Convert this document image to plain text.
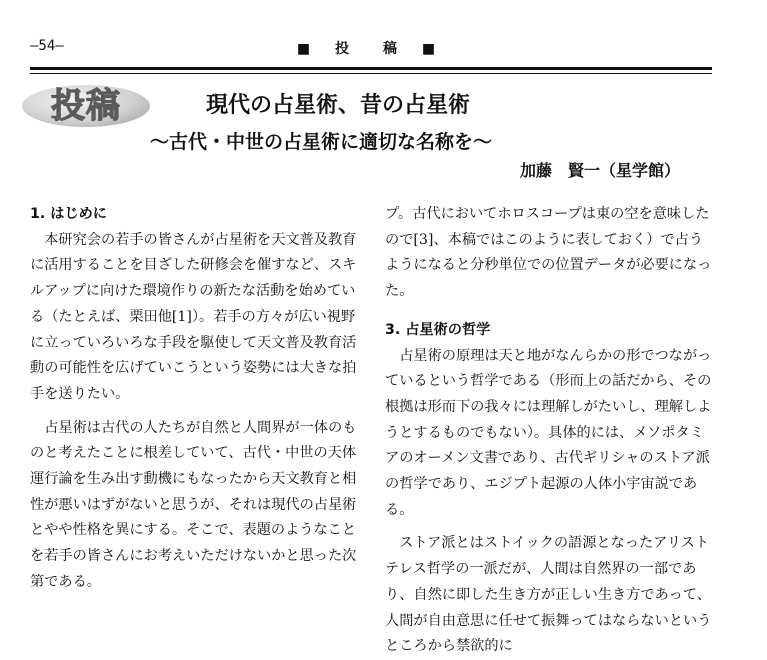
—54—	■ 投　稿 ■
投稿	現代の占星術、昔の占星術
～古代・中世の占星術に適切な名称を～
加藤　賢一（星学館）
1. はじめに

本研究会の若手の皆さんが占星術を天文普及教育に活用することを目ざした研修会を催すなど、スキルアップに向けた環境作りの新たな活動を始めている（たとえば、栗田他[1]）。若手の方々が広い視野に立っていろいろな手段を駆使して天文普及教育活動の可能性を広げていこうという姿勢には大きな拍手を送りたい。

占星術は古代の人たちが自然と人間界が一体のものと考えたことに根差していて、古代・中世の天体運行論を生み出す動機にもなったから天文教育と相性が悪いはずがないと思うが、それは現代の占星術とやや性格を異にする。そこで、表題のようなことを若手の皆さんにお考えいただけないかと思った次第である。

プ。古代においてホロスコープは東の空を意味したので[3]、本稿ではこのように表しておく）で占うようになると分秒単位での位置データが必要になった。

3. 占星術の哲学

占星術の原理は天と地がなんらかの形でつながっているという哲学である（形而上の話だから、その根拠は形而下の我々には理解しがたいし、理解しようとするものでもない）。具体的には、メソポタミアのオーメン文書であり、古代ギリシャのストア派の哲学であり、エジプト起源の人体小宇宙説である。

ストア派とはストイックの語源となったアリストテレス哲学の一派だが、人間は自然界の一部であり、自然に即した生き方が正しい生き方であって、人間が自由意思に任せて振舞ってはならないというところから禁欲的に
